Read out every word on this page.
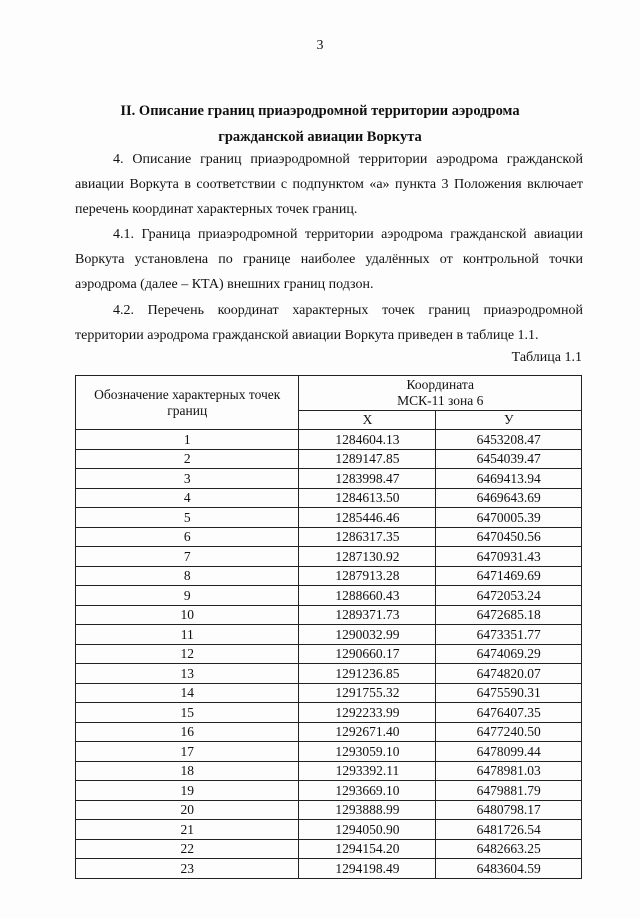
3
II. Описание границ приаэродромной территории аэродрома
гражданской авиации Воркута
4. Описание границ приаэродромной территории аэродрома гражданской авиации Воркута в соответствии с подпунктом «а» пункта 3 Положения включает перечень координат характерных точек границ.
4.1. Граница приаэродромной территории аэродрома гражданской авиации Воркута установлена по границе наиболее удалённых от контрольной точки аэродрома (далее – КТА) внешних границ подзон.
4.2. Перечень координат характерных точек границ приаэродромной территории аэродрома гражданской авиации Воркута приведен в таблице 1.1.
Таблица 1.1
Обозначение характерных точек границ	Координата
МСК-11 зона 6	

	X	У
1	1284604.13	6453208.47
2	1289147.85	6454039.47
3	1283998.47	6469413.94
4	1284613.50	6469643.69
5	1285446.46	6470005.39
6	1286317.35	6470450.56
7	1287130.92	6470931.43
8	1287913.28	6471469.69
9	1288660.43	6472053.24
10	1289371.73	6472685.18
11	1290032.99	6473351.77
12	1290660.17	6474069.29
13	1291236.85	6474820.07
14	1291755.32	6475590.31
15	1292233.99	6476407.35
16	1292671.40	6477240.50
17	1293059.10	6478099.44
18	1293392.11	6478981.03
19	1293669.10	6479881.79
20	1293888.99	6480798.17
21	1294050.90	6481726.54
22	1294154.20	6482663.25
23	1294198.49	6483604.59
